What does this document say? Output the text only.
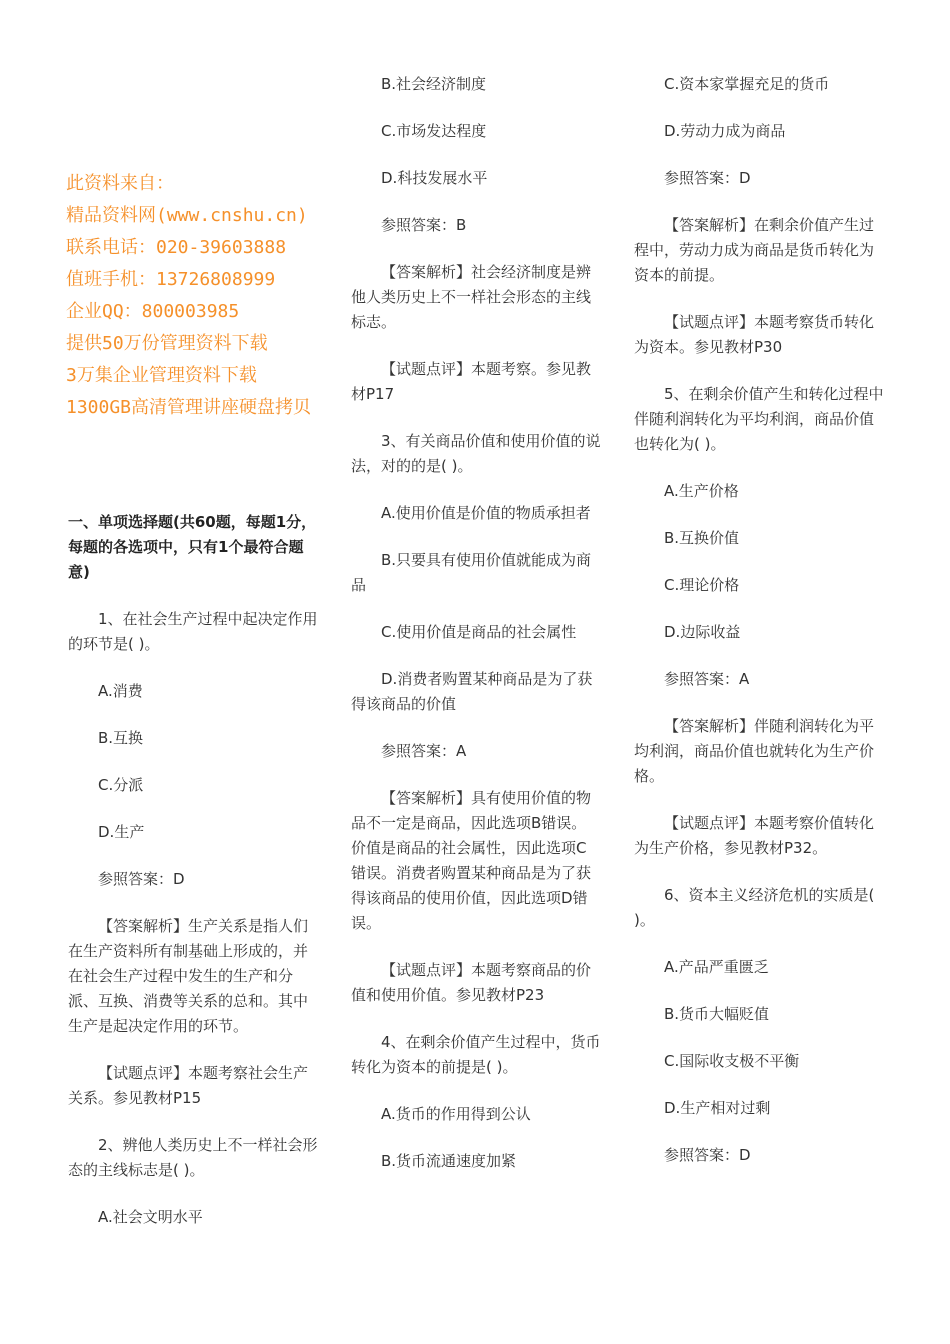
此资料来自：
精品资料网(www.cnshu.cn)
联系电话：020-39603888
值班手机：13726808999
企业QQ：800003985
提供50万份管理资料下载
3万集企业管理资料下载
1300GB高清管理讲座硬盘拷贝

一、单项选择题(共60题，每题1分，每题的各选项中，只有1个最符合题意)

1、在社会生产过程中起决定作用的环节是( )。

A.消费

B.互换

C.分派

D.生产

参照答案：D

【答案解析】生产关系是指人们在生产资料所有制基础上形成的，并在社会生产过程中发生的生产和分派、互换、消费等关系的总和。其中生产是起决定作用的环节。

【试题点评】本题考察社会生产关系。参见教材P15

2、辨他人类历史上不一样社会形态的主线标志是( )。

A.社会文明水平

B.社会经济制度

C.市场发达程度

D.科技发展水平

参照答案：B

【答案解析】社会经济制度是辨他人类历史上不一样社会形态的主线标志。

【试题点评】本题考察。参见教材P17

3、有关商品价值和使用价值的说法，对的的是( )。

A.使用价值是价值的物质承担者

B.只要具有使用价值就能成为商品

C.使用价值是商品的社会属性

D.消费者购置某种商品是为了获得该商品的价值

参照答案：A

【答案解析】具有使用价值的物品不一定是商品，因此选项B错误。价值是商品的社会属性，因此选项C错误。消费者购置某种商品是为了获得该商品的使用价值，因此选项D错误。

【试题点评】本题考察商品的价值和使用价值。参见教材P23

4、在剩余价值产生过程中，货币转化为资本的前提是( )。

A.货币的作用得到公认

B.货币流通速度加紧

C.资本家掌握充足的货币

D.劳动力成为商品

参照答案：D

【答案解析】在剩余价值产生过程中，劳动力成为商品是货币转化为资本的前提。

【试题点评】本题考察货币转化为资本。参见教材P30

5、在剩余价值产生和转化过程中伴随利润转化为平均利润，商品价值也转化为( )。

A.生产价格

B.互换价值

C.理论价格

D.边际收益

参照答案：A

【答案解析】伴随利润转化为平均利润，商品价值也就转化为生产价格。

【试题点评】本题考察价值转化为生产价格，参见教材P32。

6、资本主义经济危机的实质是( )。

A.产品严重匮乏

B.货币大幅贬值

C.国际收支极不平衡

D.生产相对过剩

参照答案：D
